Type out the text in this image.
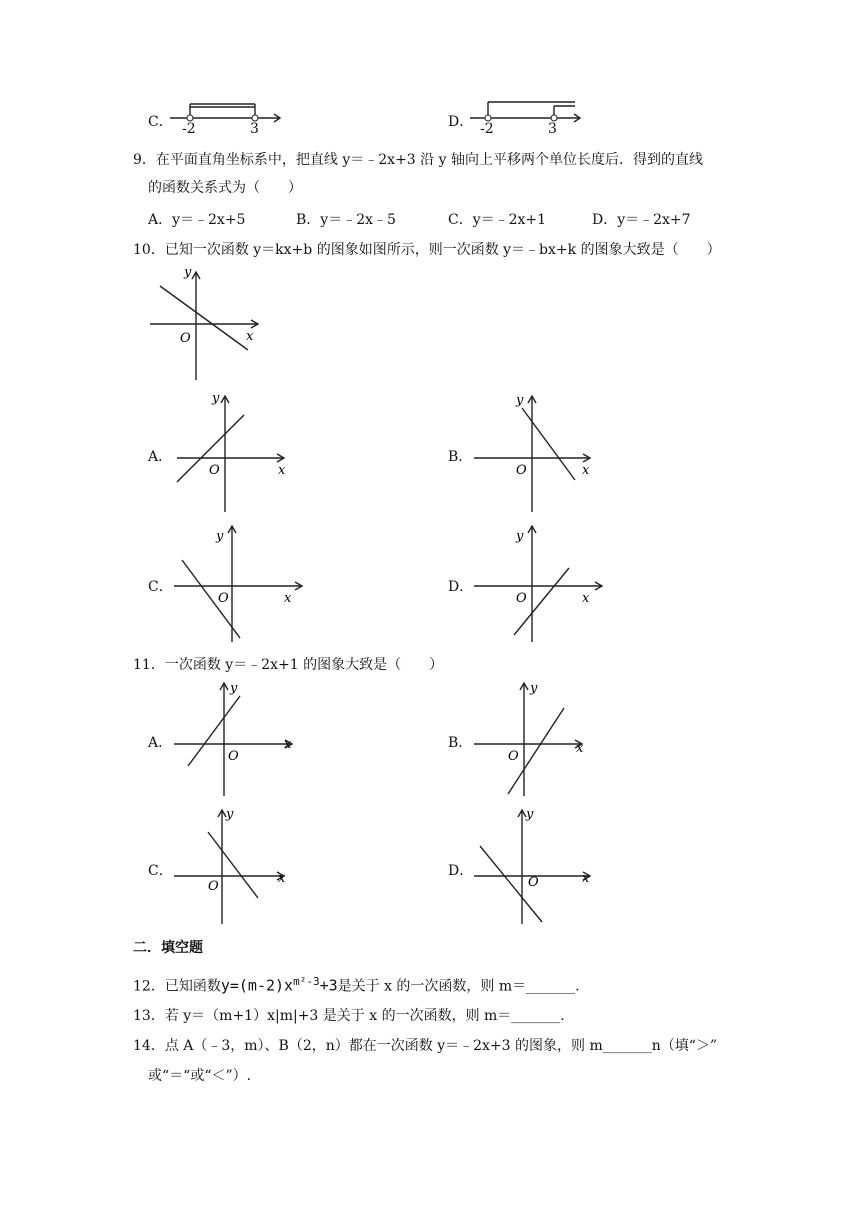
C． -2	3	D． -2	3
9．在平面直角坐标系中，把直线 y＝﹣2x+3 沿 y 轴向上平移两个单位长度后．得到的直线
的函数关系式为（　　）
A．y＝﹣2x+5	B．y＝﹣2x﹣5	C．y＝﹣2x+1	D．y＝﹣2x+7
10．已知一次函数 y＝kx+b 的图象如图所示，则一次函数 y＝﹣bx+k 的图象大致是（　　）
y
x
O
A．
y
x
O
B．
y
x
O
C．
y
x
O
D．
y
x
O
11．一次函数 y＝﹣2x+1 的图象大致是（　　）
A．
y
x
O
B．
y
x
O
C．
y
x
O
D．
y
x
O
二．填空题
12．已知函数$y=(m-2)x^{m^2-3}+3$是关于 x 的一次函数，则 m＝_______.
13．若 y＝（m+1）x|m|+3 是关于 x 的一次函数，则 m＝_______.
14．点 A（﹣3，m）、B（2，n）都在一次函数 y＝﹣2x+3 的图象，则 m_______n（填“＞”
或“＝“或“＜”）.
